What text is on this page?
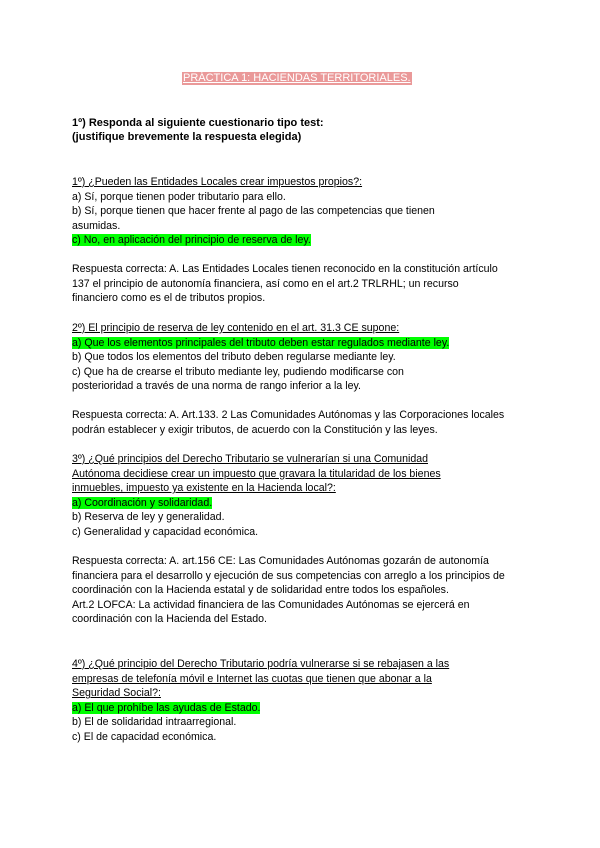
PRÁCTICA 1: HACIENDAS TERRITORIALES.
1º) Responda al siguiente cuestionario tipo test:
(justifique brevemente la respuesta elegida)
1º) ¿Pueden las Entidades Locales crear impuestos propios?:
a) Sí, porque tienen poder tributario para ello.
b) Sí, porque tienen que hacer frente al pago de las competencias que tienen
asumidas.
c) No, en aplicación del principio de reserva de ley.
Respuesta correcta: A. Las Entidades Locales tienen reconocido en la constitución artículo
137 el principio de autonomía financiera, así como en el art.2 TRLRHL; un recurso
financiero como es el de tributos propios.
2º) El principio de reserva de ley contenido en el art. 31.3 CE supone:
a) Que los elementos principales del tributo deben estar regulados mediante ley.
b) Que todos los elementos del tributo deben regularse mediante ley.
c) Que ha de crearse el tributo mediante ley, pudiendo modificarse con
posterioridad a través de una norma de rango inferior a la ley.
Respuesta correcta: A. Art.133. 2 Las Comunidades Autónomas y las Corporaciones locales
podrán establecer y exigir tributos, de acuerdo con la Constitución y las leyes.
3º) ¿Qué principios del Derecho Tributario se vulnerarían si una Comunidad
Autónoma decidiese crear un impuesto que gravara la titularidad de los bienes
inmuebles, impuesto ya existente en la Hacienda local?:
a) Coordinación y solidaridad.
b) Reserva de ley y generalidad.
c) Generalidad y capacidad económica.
Respuesta correcta: A. art.156 CE: Las Comunidades Autónomas gozarán de autonomía
financiera para el desarrollo y ejecución de sus competencias con arreglo a los principios de
coordinación con la Hacienda estatal y de solidaridad entre todos los españoles.
Art.2 LOFCA: La actividad financiera de las Comunidades Autónomas se ejercerá en
coordinación con la Hacienda del Estado.
4º) ¿Qué principio del Derecho Tributario podría vulnerarse si se rebajasen a las
empresas de telefonía móvil e Internet las cuotas que tienen que abonar a la
Seguridad Social?:
a) El que prohíbe las ayudas de Estado.
b) El de solidaridad intraarregional.
c) El de capacidad económica.
